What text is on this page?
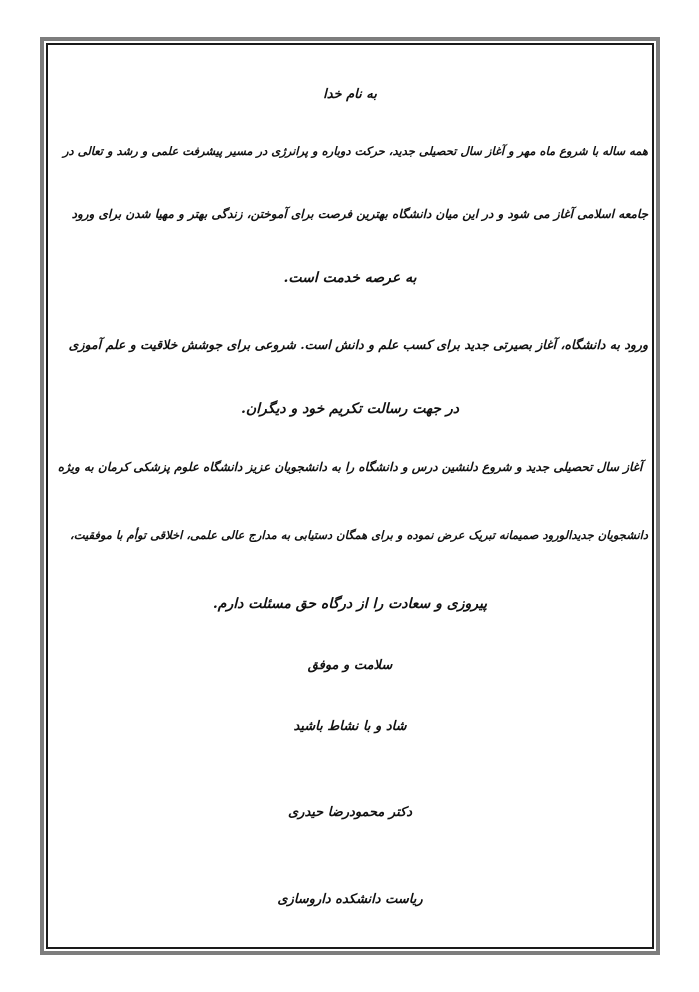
به نام خدا
همه ساله با شروع ماه مهر و آغاز سال تحصیلی جدید، حرکت دوباره و پرانرژی در مسیر پیشرفت علمی و رشد و تعالی در
جامعه اسلامی آغاز می شود و در این میان دانشگاه بهترین فرصت برای آموختن، زندگی بهتر و مهیا شدن برای ورود
به عرصه خدمت است.
ورود به دانشگاه، آغاز بصیرتی جدید برای کسب علم و دانش است. شروعی برای جوشش خلاقیت و علم آموزی
در جهت رسالت تکریم خود و دیگران.
آغاز سال تحصیلی جدید و شروع دلنشین درس و دانشگاه را به دانشجویان عزیز دانشگاه علوم پزشکی کرمان به ویژه
دانشجویان جدیدالورود صمیمانه تبریک عرض نموده و برای همگان دستیابی به مدارج عالی علمی، اخلاقی توأم با موفقیت،
پیروزی و سعادت را از درگاه حق مسئلت دارم.
سلامت و موفق
شاد و با نشاط باشید
دکتر محمودرضا حیدری
ریاست دانشکده داروسازی
